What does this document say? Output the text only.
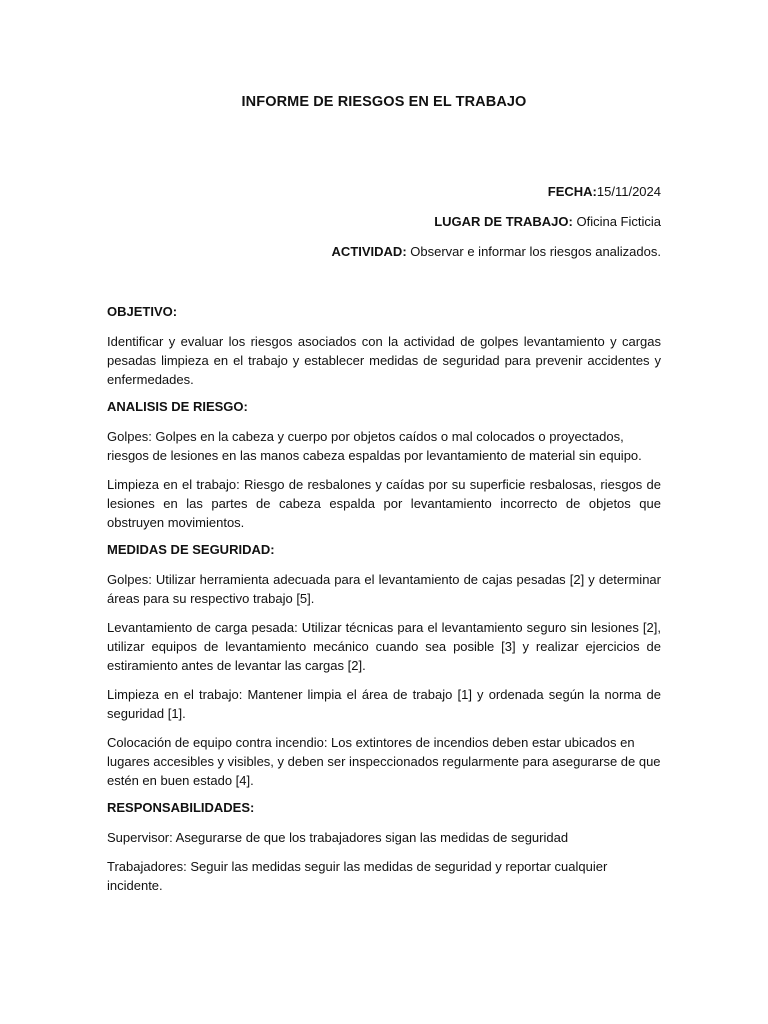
INFORME DE RIESGOS EN EL TRABAJO
FECHA:15/11/2024
LUGAR DE TRABAJO: Oficina Ficticia
ACTIVIDAD: Observar e informar los riesgos analizados.
OBJETIVO:

Identificar y evaluar los riesgos asociados con la actividad de golpes levantamiento y cargas pesadas limpieza en el trabajo y establecer medidas de seguridad para prevenir accidentes y enfermedades.

ANALISIS DE RIESGO:

Golpes: Golpes en la cabeza y cuerpo por objetos caídos o mal colocados o proyectados, riesgos de lesiones en las manos cabeza espaldas por levantamiento de material sin equipo.

Limpieza en el trabajo: Riesgo de resbalones y caídas por su superficie resbalosas, riesgos de lesiones en las partes de cabeza espalda por levantamiento incorrecto de objetos que obstruyen movimientos.

MEDIDAS DE SEGURIDAD:

Golpes: Utilizar herramienta adecuada para el levantamiento de cajas pesadas [2] y determinar áreas para su respectivo trabajo [5].

Levantamiento de carga pesada: Utilizar técnicas para el levantamiento seguro sin lesiones [2], utilizar equipos de levantamiento mecánico cuando sea posible [3] y realizar ejercicios de estiramiento antes de levantar las cargas [2].

Limpieza en el trabajo: Mantener limpia el área de trabajo [1] y ordenada según la norma de seguridad [1].

Colocación de equipo contra incendio: Los extintores de incendios deben estar ubicados en lugares accesibles y visibles, y deben ser inspeccionados regularmente para asegurarse de que estén en buen estado [4].

RESPONSABILIDADES:

Supervisor: Asegurarse de que los trabajadores sigan las medidas de seguridad

Trabajadores: Seguir las medidas seguir las medidas de seguridad y reportar cualquier incidente.
